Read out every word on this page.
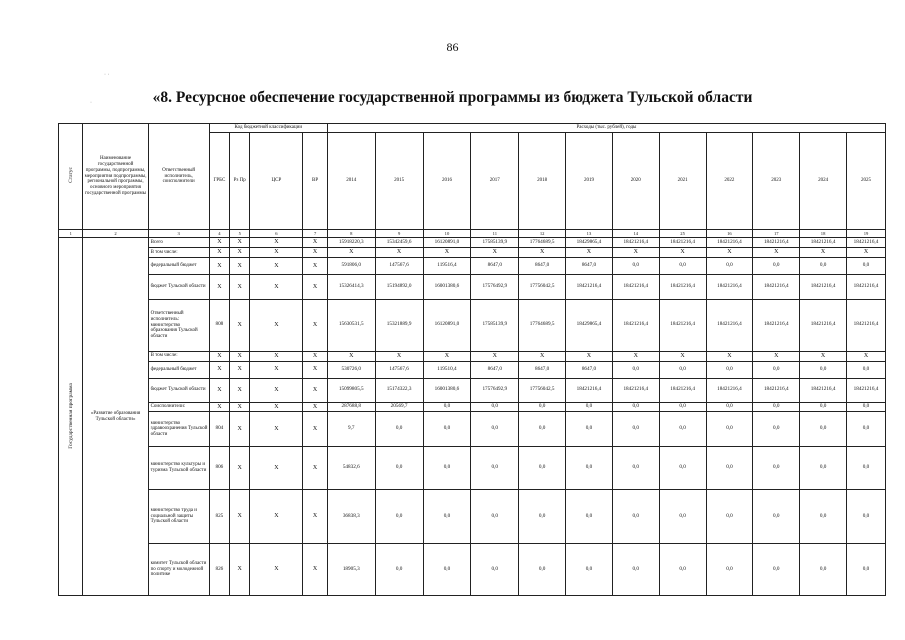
86
«8. Ресурсное обеспечение государственной программы из бюджета Тульской области
· ·
·
Статус	Наименование государственной программы, подпрограммы, мероприятия подпрограммы, региональной программы, основного мероприятия государственной программы	Ответственный исполнитель, соисполнители	Код бюджетной классификации				Расходы (тыс. рублей), годы											
			ГРБС	Рз Пр	ЦСР	ВР	2014	2015	2016	2017	2018	2019	2020	2021	2022	2023	2024	2025
1	2	3	4	5	6	7	8	9	10	11	12	13	14	25	16	17	18	19
Государственная программа	«Развитие образования Тульской области»	Всего	X	X	X	X	15918220,3	15342459,6	16120891,0	17585139,9	17764689,5	18429865,4	18421216,4	18421216,4	18421216,4	18421216,4	18421216,4	18421216,4
		В том числе:	X	X	X	X	X	X	X	X	X	X	X	X	X	X	X	X
		федеральный бюджет	X	X	X	X	591806,0	147567,6	119516,4	8647,0	8647,0	8647,0	0,0	0,0	0,0	0,0	0,0	0,0
		бюджет Тульской области	X	X	X	X	15326414,3	15194892,0	16001380,6	17576492,9	17756042,5	18421216,4	18421216,4	18421216,4	18421216,4	18421216,4	18421216,4	18421216,4
		Ответственный исполнитель: министерство образования Тульской области	808	X	X	X	15630531,5	15321889,9	16120891,0	17585139,9	17764689,5	18429865,4	18421216,4	18421216,4	18421216,4	18421216,4	18421216,4	18421216,4
		В том числе:	X	X	X	X	X	X	X	X	X	X	X	X	X	X	X	X
		федеральный бюджет	X	X	X	X	530726,0	147567,6	119510,4	8647,0	8647,0	8647,0	0,0	0,0	0,0	0,0	0,0	0,0
		бюджет Тульской области	X	X	X	X	15099805,5	15174322,3	16001380,6	17576492,9	17756042,5	18421216,4	18421216,4	18421216,4	18421216,4	18421216,4	18421216,4	18421216,4
		Соисполнители:	X	X	X	X	287688,8	20569,7	0,0	0,0	0,0	0,0	0,0	0,0	0,0	0,0	0,0	0,0
		министерство здравоохранения Тульской области	804	X	X	X	9,7	0,0	0,0	0,0	0,0	0,0	0,0	0,0	0,0	0,0	0,0	0,0
		министерство культуры и туризма Тульской области	806	X	X	X	54832,6	0,0	0,0	0,0	0,0	0,0	0,0	0,0	0,0	0,0	0,0	0,0
		министерство труда и социальной защиты Тульской области	825	X	X	X	36838,3	0,0	0,0	0,0	0,0	0,0	0,0	0,0	0,0	0,0	0,0	0,0
		комитет Тульской области по спорту и молодежной политике	826	X	X	X	18905,3	0,0	0,0	0,0	0,0	0,0	0,0	0,0	0,0	0,0	0,0	0,0
